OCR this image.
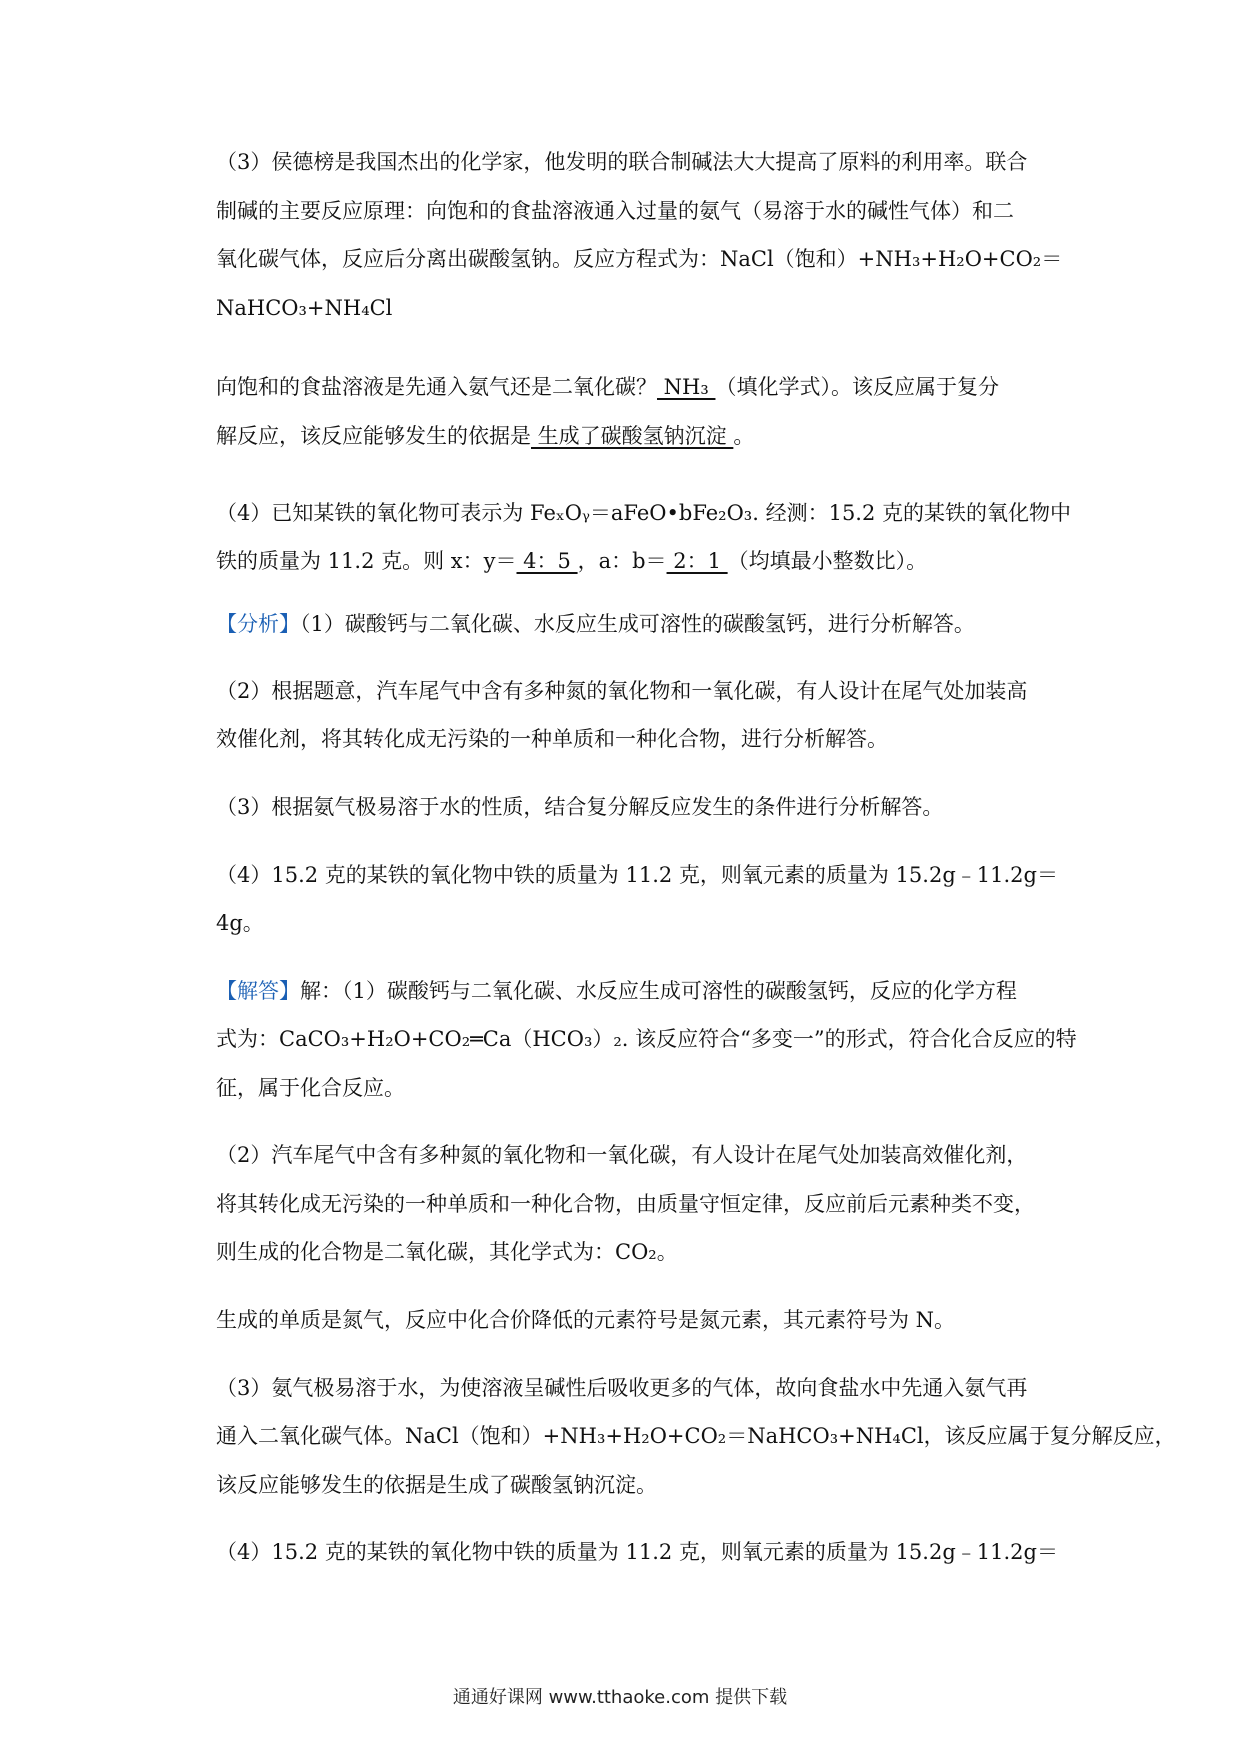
（3）侯德榜是我国杰出的化学家，他发明的联合制碱法大大提高了原料的利用率。联合
制碱的主要反应原理：向饱和的食盐溶液通入过量的氨气（易溶于水的碱性气体）和二
氧化碳气体，反应后分离出碳酸氢钠。反应方程式为：NaCl（饱和）+NH₃+H₂O+CO₂＝
NaHCO₃+NH₄Cl
向饱和的食盐溶液是先通入氨气还是二氧化碳？ NH₃ （填化学式）。该反应属于复分
解反应，该反应能够发生的依据是 生成了碳酸氢钠沉淀 。
（4）已知某铁的氧化物可表示为 FeₓOᵧ＝aFeO•bFe₂O₃. 经测：15.2 克的某铁的氧化物中
铁的质量为 11.2 克。则 x：y＝ 4：5 ，a：b＝ 2：1 （均填最小整数比）。
【分析】（1）碳酸钙与二氧化碳、水反应生成可溶性的碳酸氢钙，进行分析解答。
（2）根据题意，汽车尾气中含有多种氮的氧化物和一氧化碳，有人设计在尾气处加装高
效催化剂，将其转化成无污染的一种单质和一种化合物，进行分析解答。
（3）根据氨气极易溶于水的性质，结合复分解反应发生的条件进行分析解答。
（4）15.2 克的某铁的氧化物中铁的质量为 11.2 克，则氧元素的质量为 15.2g﹣11.2g＝
4g。
【解答】解：（1）碳酸钙与二氧化碳、水反应生成可溶性的碳酸氢钙，反应的化学方程
式为：CaCO₃+H₂O+CO₂═Ca（HCO₃）₂. 该反应符合“多变一”的形式，符合化合反应的特
征，属于化合反应。
（2）汽车尾气中含有多种氮的氧化物和一氧化碳，有人设计在尾气处加装高效催化剂，
将其转化成无污染的一种单质和一种化合物，由质量守恒定律，反应前后元素种类不变，
则生成的化合物是二氧化碳，其化学式为：CO₂。
生成的单质是氮气，反应中化合价降低的元素符号是氮元素，其元素符号为 N。
（3）氨气极易溶于水，为使溶液呈碱性后吸收更多的气体，故向食盐水中先通入氨气再
通入二氧化碳气体。NaCl（饱和）+NH₃+H₂O+CO₂＝NaHCO₃+NH₄Cl，该反应属于复分解反应，
该反应能够发生的依据是生成了碳酸氢钠沉淀。
（4）15.2 克的某铁的氧化物中铁的质量为 11.2 克，则氧元素的质量为 15.2g﹣11.2g＝
通通好课网 www.tthaoke.com 提供下载
